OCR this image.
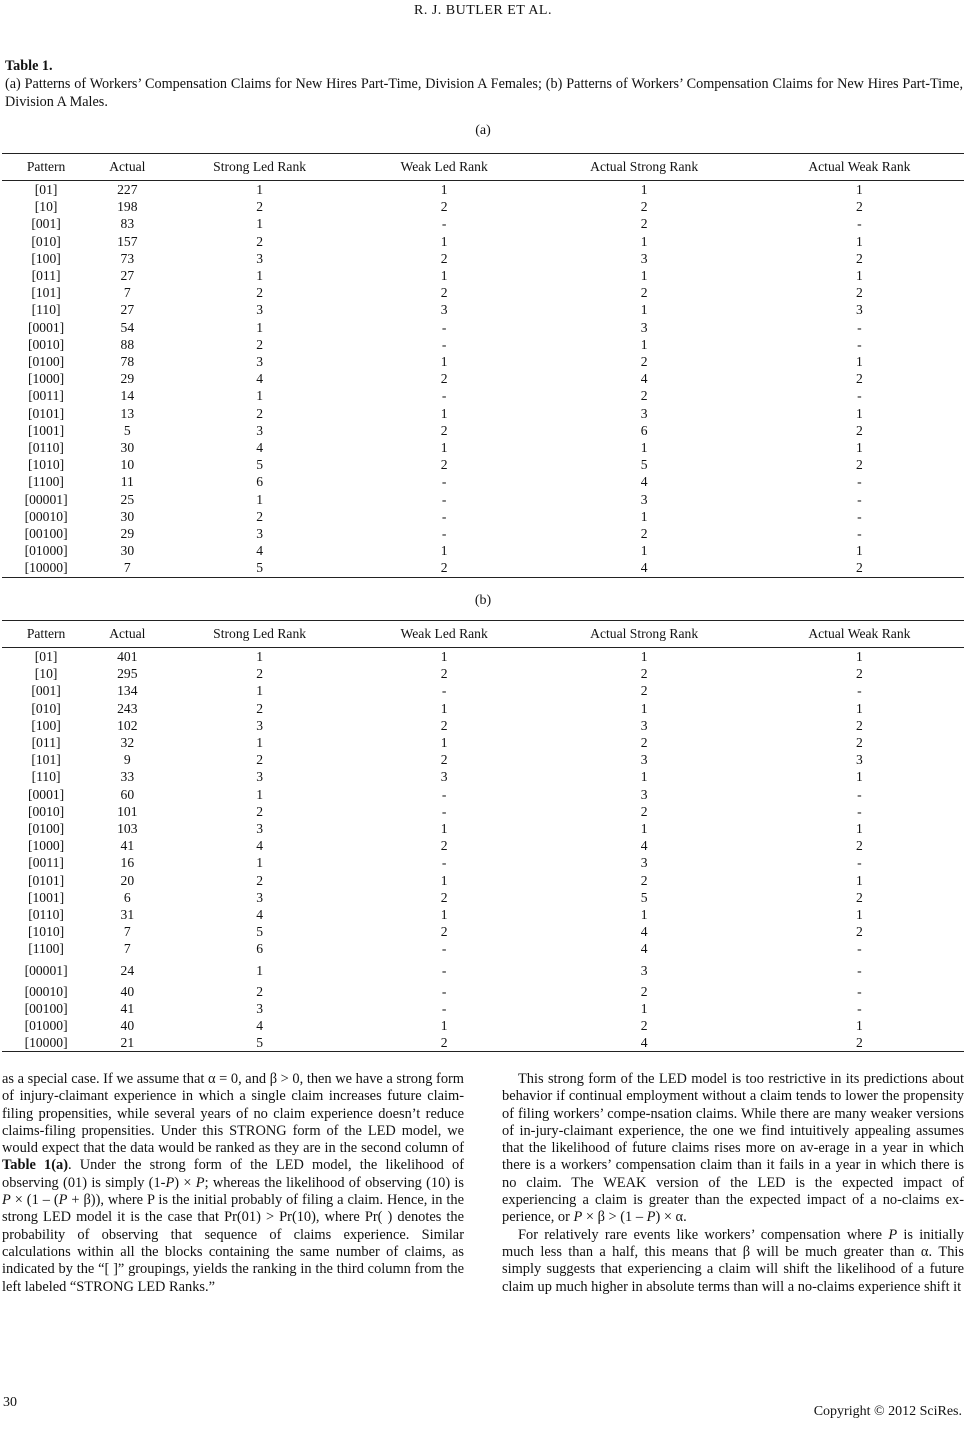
R. J. BUTLER ET AL.
Table 1.
(a) Patterns of Workers’ Compensation Claims for New Hires Part-Time, Division A Females; (b) Patterns of Workers’ Compensation Claims for New Hires Part-Time, Division A Males.
(a)
Pattern	Actual	Strong Led Rank	Weak Led Rank	Actual Strong Rank	Actual Weak Rank
[01]	227	1	1	1	1
[10]	198	2	2	2	2
[001]	83	1	-	2	-
[010]	157	2	1	1	1
[100]	73	3	2	3	2
[011]	27	1	1	1	1
[101]	7	2	2	2	2
[110]	27	3	3	1	3
[0001]	54	1	-	3	-
[0010]	88	2	-	1	-
[0100]	78	3	1	2	1
[1000]	29	4	2	4	2
[0011]	14	1	-	2	-
[0101]	13	2	1	3	1
[1001]	5	3	2	6	2
[0110]	30	4	1	1	1
[1010]	10	5	2	5	2
[1100]	11	6	-	4	-
[00001]	25	1	-	3	-
[00010]	30	2	-	1	-
[00100]	29	3	-	2	-
[01000]	30	4	1	1	1
[10000]	7	5	2	4	2
(b)
Pattern	Actual	Strong Led Rank	Weak Led Rank	Actual Strong Rank	Actual Weak Rank
[01]	401	1	1	1	1
[10]	295	2	2	2	2
[001]	134	1	-	2	-
[010]	243	2	1	1	1
[100]	102	3	2	3	2
[011]	32	1	1	2	2
[101]	9	2	2	3	3
[110]	33	3	3	1	1
[0001]	60	1	-	3	-
[0010]	101	2	-	2	-
[0100]	103	3	1	1	1
[1000]	41	4	2	4	2
[0011]	16	1	-	3	-
[0101]	20	2	1	2	1
[1001]	6	3	2	5	2
[0110]	31	4	1	1	1
[1010]	7	5	2	4	2
[1100]	7	6	-	4	-
[00001]	24	1	-	3	-
[00010]	40	2	-	2	-
[00100]	41	3	-	1	-
[01000]	40	4	1	2	1
[10000]	21	5	2	4	2

as a special case. If we assume that α = 0, and β > 0, then we have a strong form of injury-claimant experience in which a single claim increases future claim-filing propensities, while several years of no claim experience doesn’t reduce claims-filing propensities. Under this STRONG form of the LED model, we would expect that the data would be ranked as they are in the second column of Table 1(a). Under the strong form of the LED model, the likelihood of observing (01) is simply (1-P) × P; whereas the likelihood of observing (10) is P × (1 – (P + β)), where P is the initial probably of filing a claim. Hence, in the strong LED model it is the case that Pr(01) > Pr(10), where Pr( ) denotes the probability of observing that sequence of claims experience. Similar calculations within all the blocks containing the same number of claims, as indicated by the “[ ]” groupings, yields the ranking in the third column from the left labeled “STRONG LED Ranks.”

This strong form of the LED model is too restrictive in its predictions about behavior if continual employment without a claim tends to lower the propensity of filing workers’ compe-nsation claims. While there are many weaker versions of in-jury-claimant experience, the one we find intuitively appealing assumes that the likelihood of future claims rises more on av-erage in a year in which there is a workers’ compensation claim than it fails in a year in which there is no claim. The WEAK version of the LED is the expected impact of experiencing a claim is greater than the expected impact of a no-claims ex-perience, or P × β > (1 – P) × α.

For relatively rare events like workers’ compensation where P is initially much less than a half, this means that β will be much greater than α. This simply suggests that experiencing a claim will shift the likelihood of a future claim up much higher in absolute terms than will a no-claims experience shift it

30
Copyright © 2012 SciRes.
